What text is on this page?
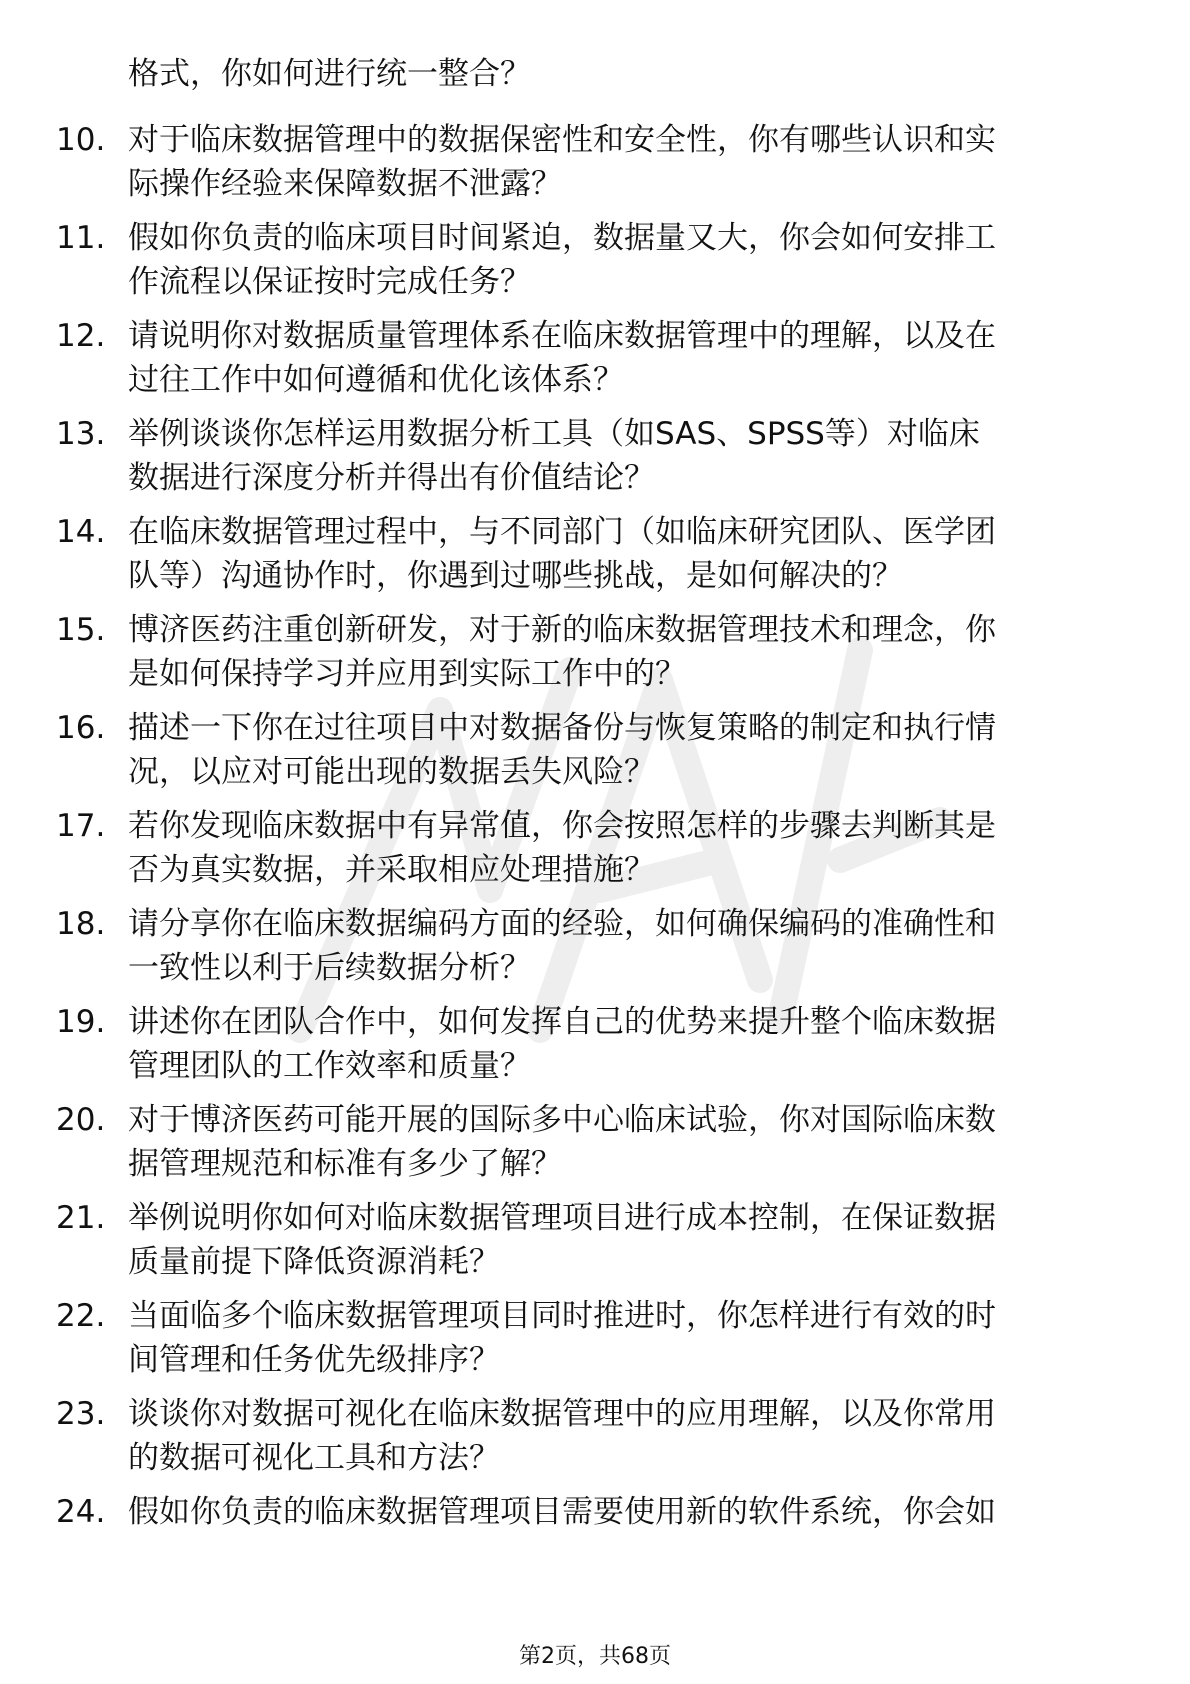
格式，你如何进行统一整合？

10. 对于临床数据管理中的数据保密性和安全性，你有哪些认识和实
际操作经验来保障数据不泄露？
11. 假如你负责的临床项目时间紧迫，数据量又大，你会如何安排工
作流程以保证按时完成任务？
12. 请说明你对数据质量管理体系在临床数据管理中的理解，以及在
过往工作中如何遵循和优化该体系？
13. 举例谈谈你怎样运用数据分析工具（如SAS、SPSS等）对临床
数据进行深度分析并得出有价值结论？
14. 在临床数据管理过程中，与不同部门（如临床研究团队、医学团
队等）沟通协作时，你遇到过哪些挑战，是如何解决的？
15. 博济医药注重创新研发，对于新的临床数据管理技术和理念，你
是如何保持学习并应用到实际工作中的？
16. 描述一下你在过往项目中对数据备份与恢复策略的制定和执行情
况，以应对可能出现的数据丢失风险？
17. 若你发现临床数据中有异常值，你会按照怎样的步骤去判断其是
否为真实数据，并采取相应处理措施？
18. 请分享你在临床数据编码方面的经验，如何确保编码的准确性和
一致性以利于后续数据分析？
19. 讲述你在团队合作中，如何发挥自己的优势来提升整个临床数据
管理团队的工作效率和质量？
20. 对于博济医药可能开展的国际多中心临床试验，你对国际临床数
据管理规范和标准有多少了解？
21. 举例说明你如何对临床数据管理项目进行成本控制，在保证数据
质量前提下降低资源消耗？
22. 当面临多个临床数据管理项目同时推进时，你怎样进行有效的时
间管理和任务优先级排序？
23. 谈谈你对数据可视化在临床数据管理中的应用理解，以及你常用
的数据可视化工具和方法？
24. 假如你负责的临床数据管理项目需要使用新的软件系统，你会如
第2页，共68页
